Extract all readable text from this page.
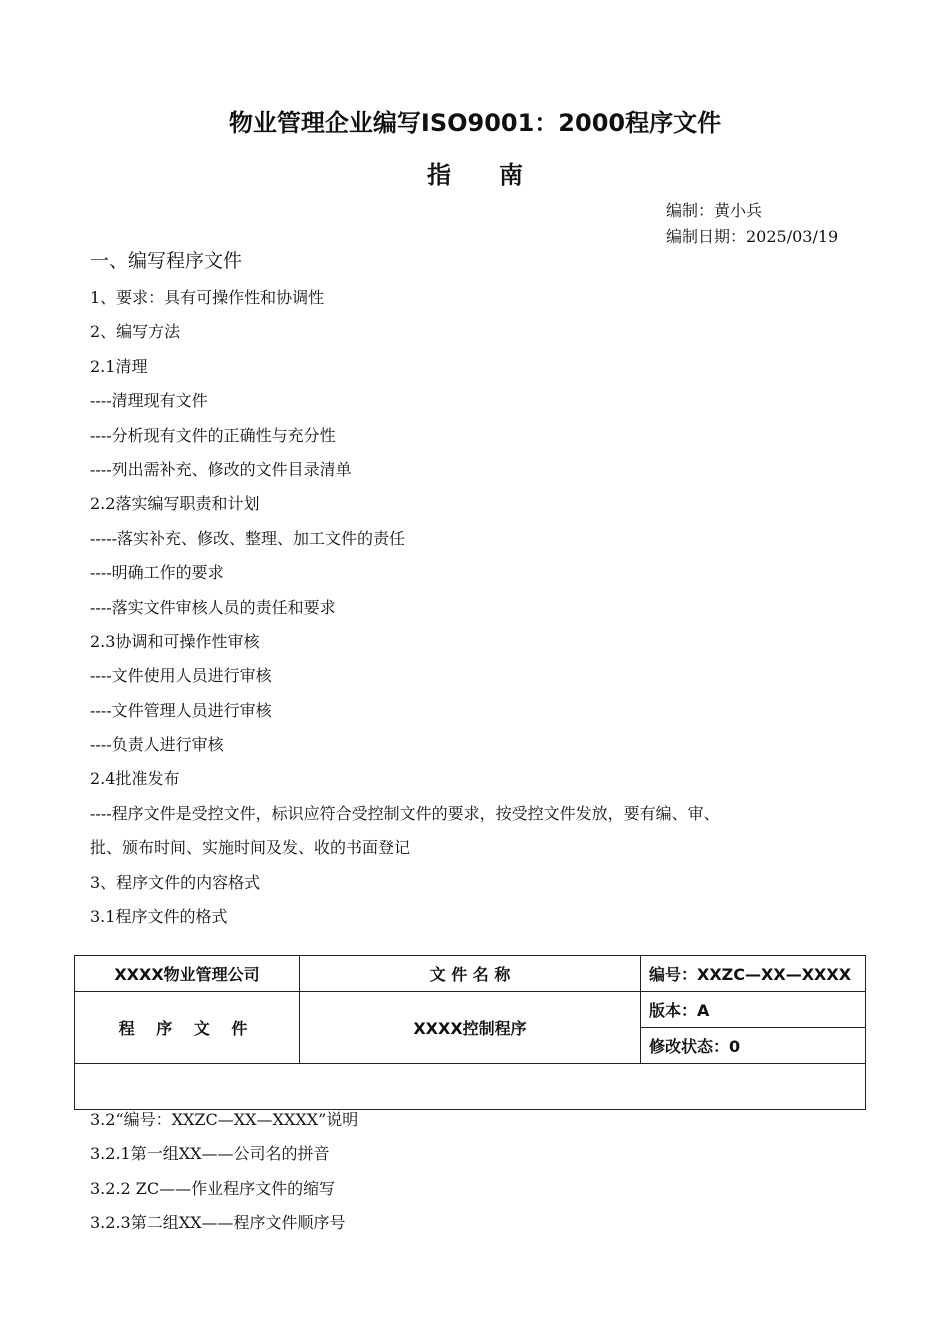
物业管理企业编写ISO9001：2000程序文件
指南
编制：黄小兵
编制日期：2025/03/19
一、编写程序文件
1、要求：具有可操作性和协调性
2、编写方法
2.1清理
----清理现有文件
----分析现有文件的正确性与充分性
----列出需补充、修改的文件目录清单
2.2落实编写职责和计划
-----落实补充、修改、整理、加工文件的责任
----明确工作的要求
----落实文件审核人员的责任和要求
2.3协调和可操作性审核
----文件使用人员进行审核
----文件管理人员进行审核
----负责人进行审核
2.4批准发布
----程序文件是受控文件，标识应符合受控制文件的要求，按受控文件发放，要有编、审、
批、颁布时间、实施时间及发、收的书面登记
3、程序文件的内容格式
3.1程序文件的格式
XXXX物业管理公司	文 件 名 称	编号：XXZC—XX—XXXX
程 序 文 件	XXXX控制程序	版本：A
		修改状态：0

3.2“编号：XXZC—XX—XXXX”说明
3.2.1第一组XX——公司名的拼音
3.2.2 ZC——作业程序文件的缩写
3.2.3第二组XX——程序文件顺序号
